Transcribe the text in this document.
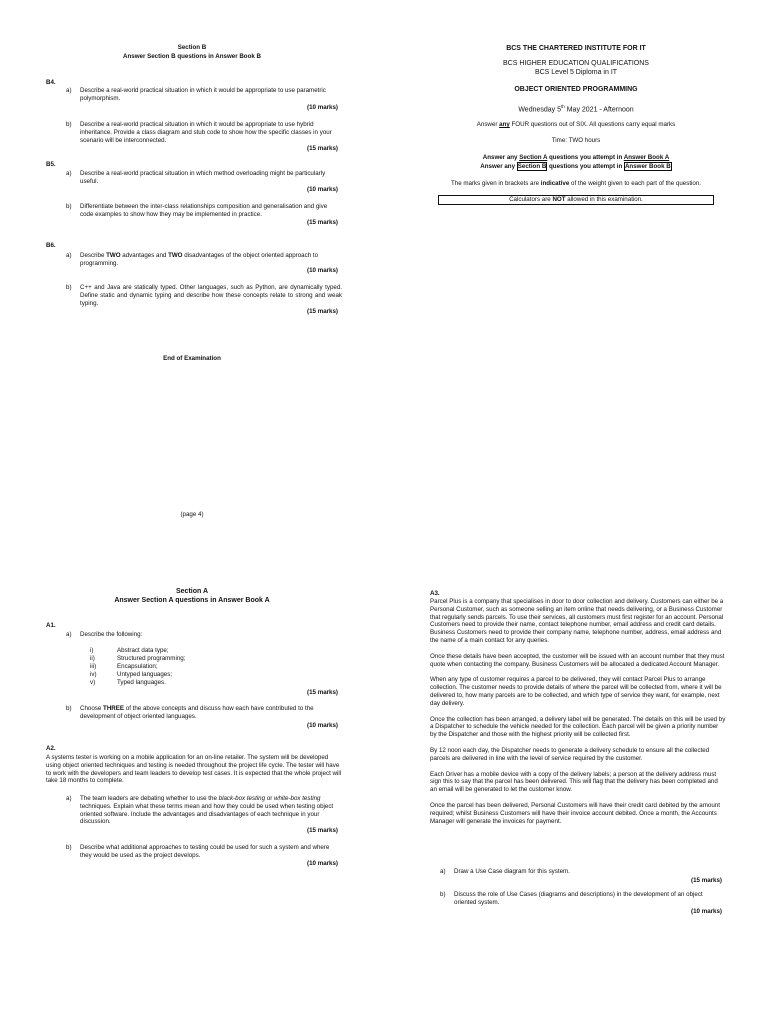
Section B
Answer Section B questions in Answer Book B
B4.
a) Describe a real-world practical situation in which it would be appropriate to use parametric polymorphism.
(10 marks)
b) Describe a real-world practical situation in which it would be appropriate to use hybrid inheritance. Provide a class diagram and stub code to show how the specific classes in your scenario will be interconnected.
(15 marks)
B5.
a) Describe a real-world practical situation in which method overloading might be particularly useful.
(10 marks)
b) Differentiate between the inter-class relationships composition and generalisation and give code examples to show how they may be implemented in practice.
(15 marks)
B6.
a) Describe TWO advantages and TWO disadvantages of the object oriented approach to programming.
(10 marks)
b) C++ and Java are statically typed. Other languages, such as Python, are dynamically typed. Define static and dynamic typing and describe how these concepts relate to strong and weak typing.
(15 marks)
End of Examination
(page 4)
BCS THE CHARTERED INSTITUTE FOR IT
BCS HIGHER EDUCATION QUALIFICATIONS
BCS Level 5 Diploma in IT
OBJECT ORIENTED PROGRAMMING
Wednesday 5th May 2021 - Afternoon
Answer any FOUR questions out of SIX. All questions carry equal marks
Time: TWO hours
Answer any Section A questions you attempt in Answer Book A
Answer any Section B questions you attempt in Answer Book B
The marks given in brackets are indicative of the weight given to each part of the question.
Calculators are NOT allowed in this examination.
Section A
Answer Section A questions in Answer Book A
A1.
a) Describe the following:
i)	Abstract data type;
ii)	Structured programming;
iii)	Encapsulation;
iv)	Untyped languages;
v)	Typed languages.
(15 marks)
b) Choose THREE of the above concepts and discuss how each have contributed to the development of object oriented languages.
(10 marks)
A2.
A systems tester is working on a mobile application for an on-line retailer. The system will be developed using object oriented techniques and testing is needed throughout the project life cycle. The tester will have to work with the developers and team leaders to develop test cases. It is expected that the whole project will take 18 months to complete.
a) The team leaders are debating whether to use the black-box testing or white-box testing techniques. Explain what these terms mean and how they could be used when testing object oriented software. Include the advantages and disadvantages of each technique in your discussion.
(15 marks)
b) Describe what additional approaches to testing could be used for such a system and where they would be used as the project develops.
(10 marks)
A3.

Parcel Plus is a company that specialises in door to door collection and delivery. Customers can either be a Personal Customer, such as someone selling an item online that needs delivering, or a Business Customer that regularly sends parcels. To use their services, all customers must first register for an account. Personal Customers need to provide their name, contact telephone number, email address and credit card details. Business Customers need to provide their company name, telephone number, address, email address and the name of a main contact for any queries.

Once these details have been accepted, the customer will be issued with an account number that they must quote when contacting the company. Business Customers will be allocated a dedicated Account Manager.

When any type of customer requires a parcel to be delivered, they will contact Parcel Plus to arrange collection. The customer needs to provide details of where the parcel will be collected from, where it will be delivered to, how many parcels are to be collected, and which type of service they want, for example, next day delivery.

Once the collection has been arranged, a delivery label will be generated. The details on this will be used by a Dispatcher to schedule the vehicle needed for the collection. Each parcel will be given a priority number by the Dispatcher and those with the highest priority will be collected first.

By 12 noon each day, the Dispatcher needs to generate a delivery schedule to ensure all the collected parcels are delivered in line with the level of service required by the customer.

Each Driver has a mobile device with a copy of the delivery labels; a person at the delivery address must sign this to say that the parcel has been delivered. This will flag that the delivery has been completed and an email will be generated to let the customer know.

Once the parcel has been delivered, Personal Customers will have their credit card debited by the amount required; whilst Business Customers will have their invoice account debited. Once a month, the Accounts Manager will generate the invoices for payment.

a) Draw a Use Case diagram for this system.
(15 marks)
b) Discuss the role of Use Cases (diagrams and descriptions) in the development of an object oriented system.
(10 marks)
